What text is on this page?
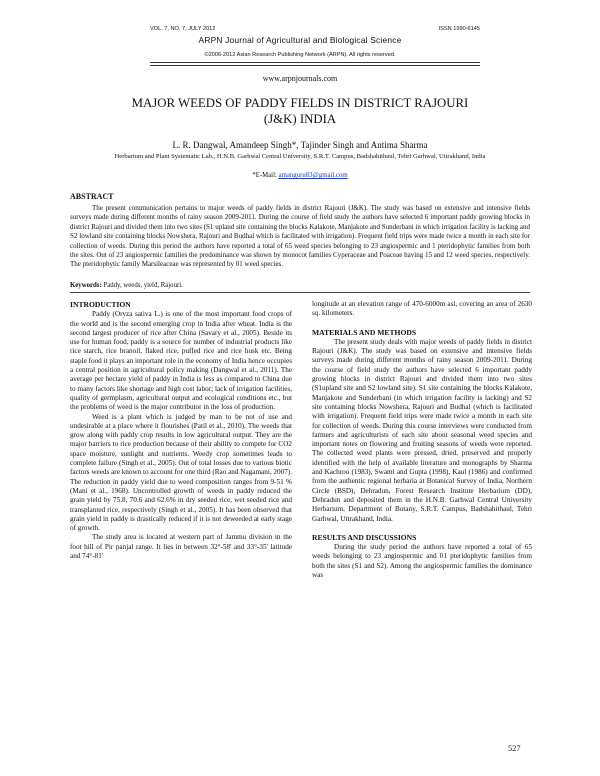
VOL. 7, NO. 7, JULY 2012	ISSN 1990-6145
ARPN Journal of Agricultural and Biological Science
©2006-2012 Asian Research Publishing Network (ARPN). All rights reserved.
www.arpnjournals.com
MAJOR WEEDS OF PADDY FIELDS IN DISTRICT RAJOURI
(J&K) INDIA
L. R. Dangwal, Amandeep Singh*, Tajinder Singh and Antima Sharma
Herbarium and Plant Systematic Lab., H.N.B. Garhwal Central University, S.R.T. Campus, Badshahithaul, Tehri Garhwal, Uttrakhand, India
*E-Mail: amanguru83@gmail.com
ABSTRACT
The present communication pertains to major weeds of paddy fields in district Rajouri (J&K). The study was based on extensive and intensive fields surveys made during different months of rainy season 2009-2011. During the course of field study the authors have selected 6 important paddy growing blocks in district Rajouri and divided them into two sites (S1 upland site containing the blocks Kalakote, Manjakote and Sunderbani in which irrigation facility is lacking and S2 lowland site containing blocks Nowshera, Rajouri and Budhal which is facilitated with irrigation). Frequent field trips were made twice a month in each site for collection of weeds. During this period the authors have reported a total of 65 weed species belonging to 23 angiospermic and 1 pteridophytic families from both the sites. Out of 23 angiospermic families the predominance was shown by monocot families Cyperaceae and Poaceae having 15 and 12 weed species, respectively. The pteridophytic family Marsileaceae was represented by 01 weed species.
Keywords: Paddy, weeds, yield, Rajouri.
INTRODUCTION

Paddy (Oryza sativa L.) is one of the most important food crops of the world and is the second emerging crop in India after wheat. India is the second largest producer of rice after China (Savary et al., 2005). Beside its use for human food, paddy is a source for number of industrial products like rice starch, rice branoil, flaked rice, puffed rice and rice husk etc. Being staple food it plays an important role in the economy of India hence occupies a central position in agricultural policy making (Dangwal et al., 2011). The average per hectare yield of paddy in India is less as compared to China due to many factors like shortage and high cost labor; lack of irrigation facilities, quality of germplasm, agricultural output and ecological conditions etc., but the problems of weed is the major contributor in the loss of production.

Weed is a plant which is judged by man to be not of use and undesirable at a place where it flourishes (Patil et al., 2010). The weeds that grow along with paddy crop results in low agricultural output. They are the major barriers to rice production because of their ability to compete for CO2 space moisture, sunlight and nutrients. Weedy crop sometimes leads to complete failure (Singh et al., 2005). Out of total losses due to various biotic factors weeds are known to account for one third (Rao and Nagamani, 2007). The reduction in paddy yield due to weed composition ranges from 9-51 % (Mani et al., 1968). Uncontrolled growth of weeds in paddy reduced the grain yield by 75.8, 70.6 and 62.6% in dry seeded rice, wet seeded rice and transplanted rice, respectively (Singh et al., 2005). It has been observed that grain yield in paddy is drastically reduced if it is not deweeded at early stage of growth.

The study area is located at western part of Jammu division in the foot hill of Pir panjal range. It lies in between 32°-58' and 33°-35' latitude and 74°-81'

longitude at an elevation range of 470-6000m asl, covering an area of 2630 sq. kilometers.

MATERIALS AND METHODS

The present study deals with major weeds of paddy fields in district Rajouri (J&K). The study was based on extensive and intensive fields surveys made during different months of rainy season 2009-2011. During the course of field study the authors have selected 6 important paddy growing blocks in district Rajouri and divided them into two sites (S1upland site and S2 lowland site). S1 site containing the blocks Kalakote, Manjakote and Sunderbani (in which irrigation facility is lacking) and S2 site containing blocks Nowshera, Rajouri and Budhal (which is facilitated with irrigation). Frequent field trips were made twice a month in each site for collection of weeds. During this course interviews were conducted from farmers and agriculturists of each site about seasonal weed species and important notes on flowering and fruiting seasons of weeds were reported. The collected weed plants were pressed, dried, preserved and properly identified with the help of available literature and monographs by Sharma and Kachroo (1983), Swami and Gupta (1998), Kaul (1986) and confirmed from the authentic regional herbaria at Botanical Survey of India, Northern Circle (BSD), Dehradun, Forest Research Institute Herbarium (DD), Dehradun and deposited them in the H.N.B. Garhwal Central University Herbarium, Department of Botany, S.R.T. Campus, Badshahithaul, Tehri Garhwal, Uttrakhand, India.

RESULTS AND DISCUSSIONS

During the study period the authors have reported a total of 65 weeds belonging to 23 angiospermic and 01 pteridophytic families from both the sites (S1 and S2). Among the angiospermic families the dominance was

527
